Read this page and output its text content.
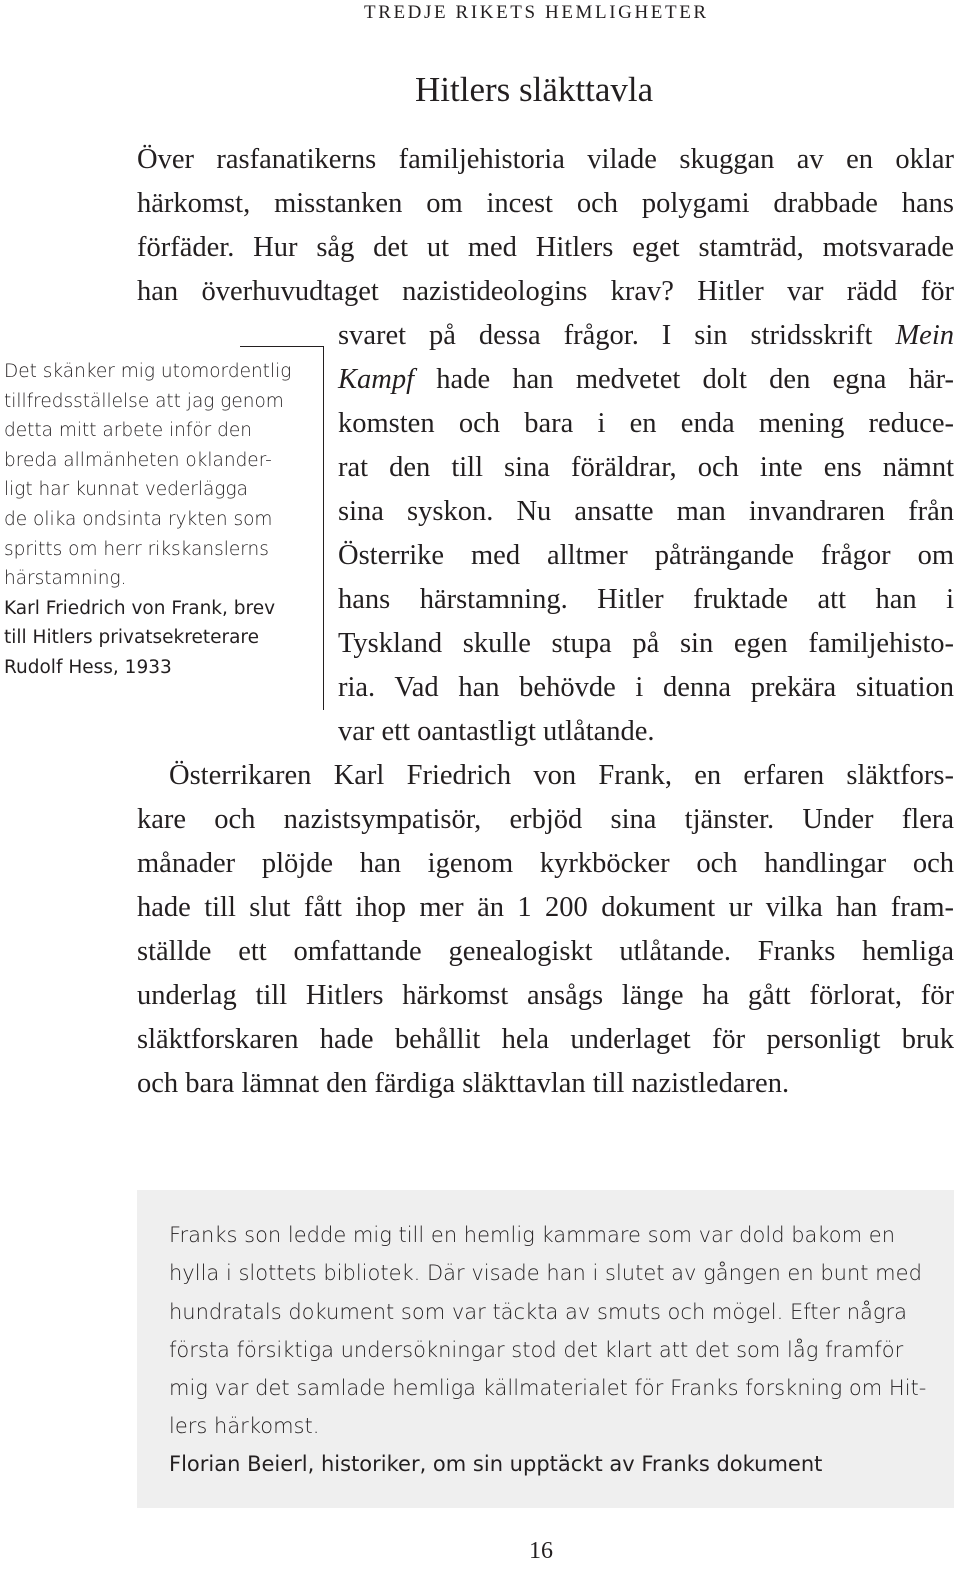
TREDJE RIKETS HEMLIGHETER
Hitlers släkttavla
Över rasfanatikerns familjehistoria vilade skuggan av en oklar
härkomst, misstanken om incest och polygami drabbade hans
förfäder. Hur såg det ut med Hitlers eget stamträd, motsvarade
han överhuvudtaget nazistideologins krav? Hitler var rädd för
svaret på dessa frågor. I sin stridsskrift Mein
Kampf hade han medvetet dolt den egna här-
komsten och bara i en enda mening reduce-
rat den till sina föräldrar, och inte ens nämnt
sina syskon. Nu ansatte man invandraren från
Österrike med alltmer påträngande frågor om
hans härstamning. Hitler fruktade att han i
Tyskland skulle stupa på sin egen familjehisto-
ria. Vad han behövde i denna prekära situation
var ett oantastligt utlåtande.
Det skänker mig utomordentlig
tillfredsställelse att jag genom
detta mitt arbete inför den
breda allmänheten oklander-
ligt har kunnat vederlägga
de olika ondsinta rykten som
spritts om herr rikskanslerns
härstamning.
Karl Friedrich von Frank, brev
till Hitlers privatsekreterare
Rudolf Hess, 1933
Österrikaren Karl Friedrich von Frank, en erfaren släktfors-
kare och nazistsympatisör, erbjöd sina tjänster. Under flera
månader plöjde han igenom kyrkböcker och handlingar och
hade till slut fått ihop mer än 1 200 dokument ur vilka han fram-
ställde ett omfattande genealogiskt utlåtande. Franks hemliga
underlag till Hitlers härkomst ansågs länge ha gått förlorat, för
släktforskaren hade behållit hela underlaget för personligt bruk
och bara lämnat den färdiga släkttavlan till nazistledaren.
Franks son ledde mig till en hemlig kammare som var dold bakom en
hylla i slottets bibliotek. Där visade han i slutet av gången en bunt med
hundratals dokument som var täckta av smuts och mögel. Efter några
första försiktiga undersökningar stod det klart att det som låg framför
mig var det samlade hemliga källmaterialet för Franks forskning om Hit-
lers härkomst.
Florian Beierl, historiker, om sin upptäckt av Franks dokument
16
